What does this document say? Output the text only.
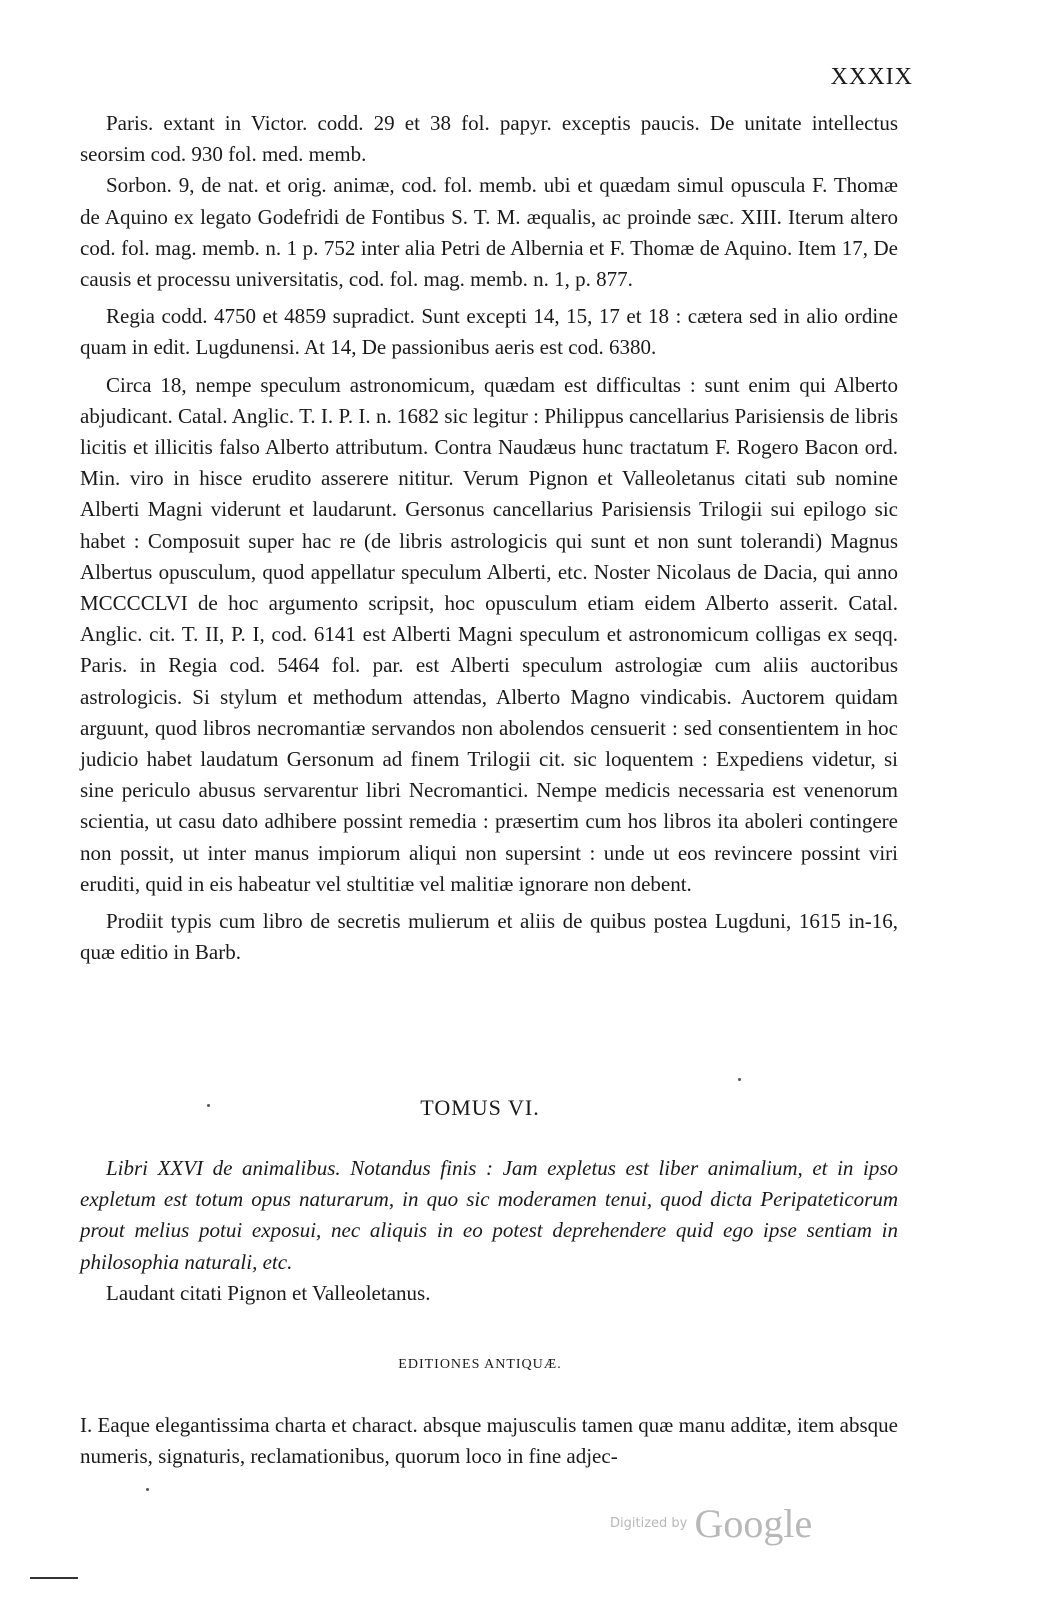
XXXIX

Paris. extant in Victor. codd. 29 et 38 fol. papyr. exceptis paucis. De unitate intellectus seorsim cod. 930 fol. med. memb.

Sorbon. 9, de nat. et orig. animæ, cod. fol. memb. ubi et quædam simul opuscula F. Thomæ de Aquino ex legato Godefridi de Fontibus S. T. M. æqualis, ac proinde sæc. XIII. Iterum altero cod. fol. mag. memb. n. 1 p. 752 inter alia Petri de Albernia et F. Thomæ de Aquino. Item 17, De causis et processu universitatis, cod. fol. mag. memb. n. 1, p. 877.

Regia codd. 4750 et 4859 supradict. Sunt excepti 14, 15, 17 et 18 : cætera sed in alio ordine quam in edit. Lugdunensi. At 14, De passionibus aeris est cod. 6380.

Circa 18, nempe speculum astronomicum, quædam est difficultas : sunt enim qui Alberto abjudicant. Catal. Anglic. T. I. P. I. n. 1682 sic legitur : Philippus cancellarius Parisiensis de libris licitis et illicitis falso Alberto attributum. Contra Naudæus hunc tractatum F. Rogero Bacon ord. Min. viro in hisce erudito asserere nititur. Verum Pignon et Valleoletanus citati sub nomine Alberti Magni viderunt et laudarunt. Gersonus cancellarius Parisiensis Trilogii sui epilogo sic habet : Composuit super hac re (de libris astrologicis qui sunt et non sunt tolerandi) Magnus Albertus opusculum, quod appellatur speculum Alberti, etc. Noster Nicolaus de Dacia, qui anno MCCCCLVI de hoc argumento scripsit, hoc opusculum etiam eidem Alberto asserit. Catal. Anglic. cit. T. II, P. I, cod. 6141 est Alberti Magni speculum et astronomicum colligas ex seqq. Paris. in Regia cod. 5464 fol. par. est Alberti speculum astrologiæ cum aliis auctoribus astrologicis. Si stylum et methodum attendas, Alberto Magno vindicabis. Auctorem quidam arguunt, quod libros necromantiæ servandos non abolendos censuerit : sed consentientem in hoc judicio habet laudatum Gersonum ad finem Trilogii cit. sic loquentem : Expediens videtur, si sine periculo abusus servarentur libri Necromantici. Nempe medicis necessaria est venenorum scientia, ut casu dato adhibere possint remedia : præsertim cum hos libros ita aboleri contingere non possit, ut inter manus impiorum aliqui non supersint : unde ut eos revincere possint viri eruditi, quid in eis habeatur vel stultitiæ vel malitiæ ignorare non debent.

Prodiit typis cum libro de secretis mulierum et aliis de quibus postea Lugduni, 1615 in-16, quæ editio in Barb.

TOMUS VI.

Libri XXVI de animalibus. Notandus finis : Jam expletus est liber animalium, et in ipso expletum est totum opus naturarum, in quo sic moderamen tenui, quod dicta Peripateticorum prout melius potui exposui, nec aliquis in eo potest deprehendere quid ego ipse sentiam in philosophia naturali, etc.

Laudant citati Pignon et Valleoletanus.

EDITIONES ANTIQUÆ.

I. Eaque elegantissima charta et charact. absque majusculis tamen quæ manu additæ, item absque numeris, signaturis, reclamationibus, quorum loco in fine adjec-

Digitized by Google
